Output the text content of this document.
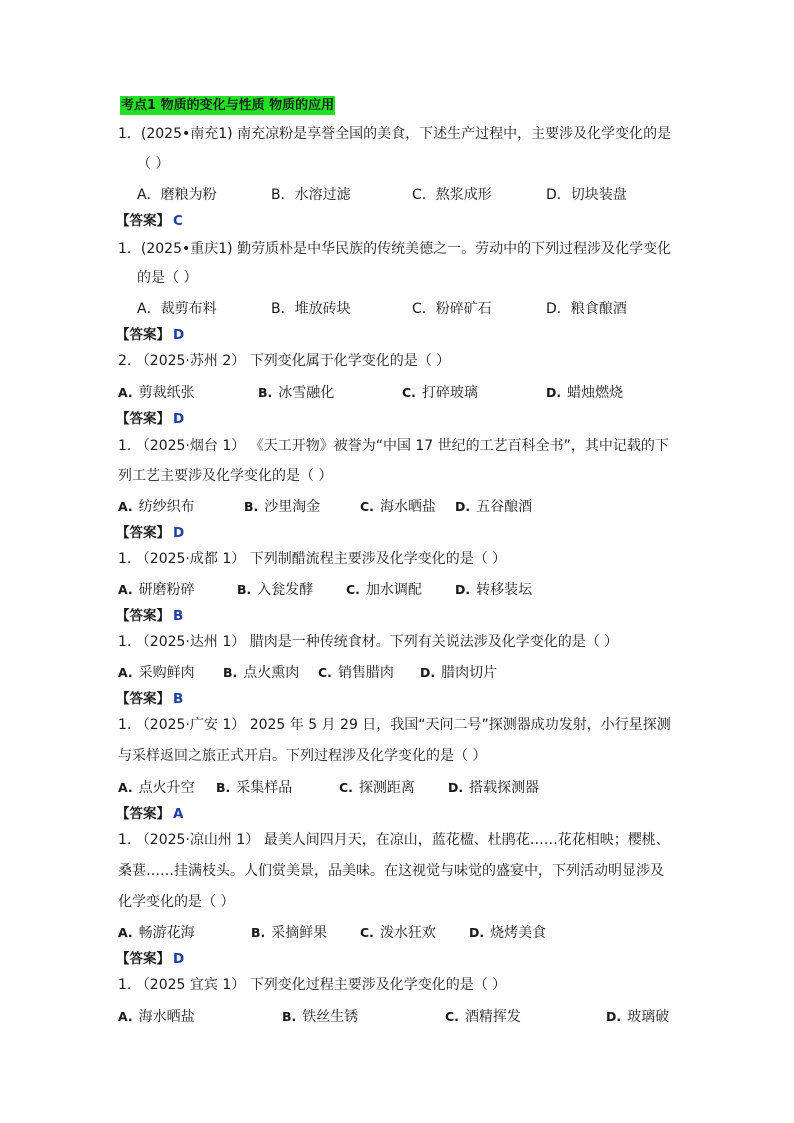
考点1 物质的变化与性质 物质的应用
1．(2025•南充1) 南充凉粉是享誉全国的美食，下述生产过程中，主要涉及化学变化的是
（ ）
A．磨粮为粉	B．水溶过滤	C．熬浆成形	D．切块装盘
【答案】 C
1．(2025•重庆1) 勤劳质朴是中华民族的传统美德之一。劳动中的下列过程涉及化学变化
的是（ ）
A．裁剪布料	B．堆放砖块	C．粉碎矿石	D．粮食酿酒
【答案】 D
2. （2025·苏州 2） 下列变化属于化学变化的是（ ）
A. 剪裁纸张	B. 冰雪融化	C. 打碎玻璃	D. 蜡烛燃烧
【答案】 D
1. （2025·烟台 1） 《天工开物》被誉为“中国 17 世纪的工艺百科全书”，其中记载的下
列工艺主要涉及化学变化的是（ ）
A. 纺纱织布	B. 沙里淘金	C. 海水晒盐 D. 五谷酿酒
【答案】 D
1. （2025·成都 1） 下列制醋流程主要涉及化学变化的是（ ）
A. 研磨粉碎	B. 入瓮发酵	C. 加水调配	D. 转移装坛
【答案】 B
1. （2025·达州 1） 腊肉是一种传统食材。下列有关说法涉及化学变化的是（ ）
A. 采购鲜肉 B. 点火熏肉 C. 销售腊肉 D. 腊肉切片
【答案】 B
1. （2025·广安 1） 2025 年 5 月 29 日，我国“天问二号”探测器成功发射，小行星探测
与采样返回之旅正式开启。下列过程涉及化学变化的是（ ）
A. 点火升空 B. 采集样品	C. 探测距离	D. 搭载探测器
【答案】 A
1. （2025·凉山州 1） 最美人间四月天，在凉山，蓝花楹、杜鹃花……花花相映；樱桃、
桑葚……挂满枝头。人们赏美景，品美味。在这视觉与味觉的盛宴中，下列活动明显涉及
化学变化的是（ ）
A. 畅游花海	B. 采摘鲜果	C. 泼水狂欢	D. 烧烤美食
【答案】 D
1. （2025 宜宾 1） 下列变化过程主要涉及化学变化的是（ ）
A. 海水晒盐	B. 铁丝生锈	C. 酒精挥发	D. 玻璃破
